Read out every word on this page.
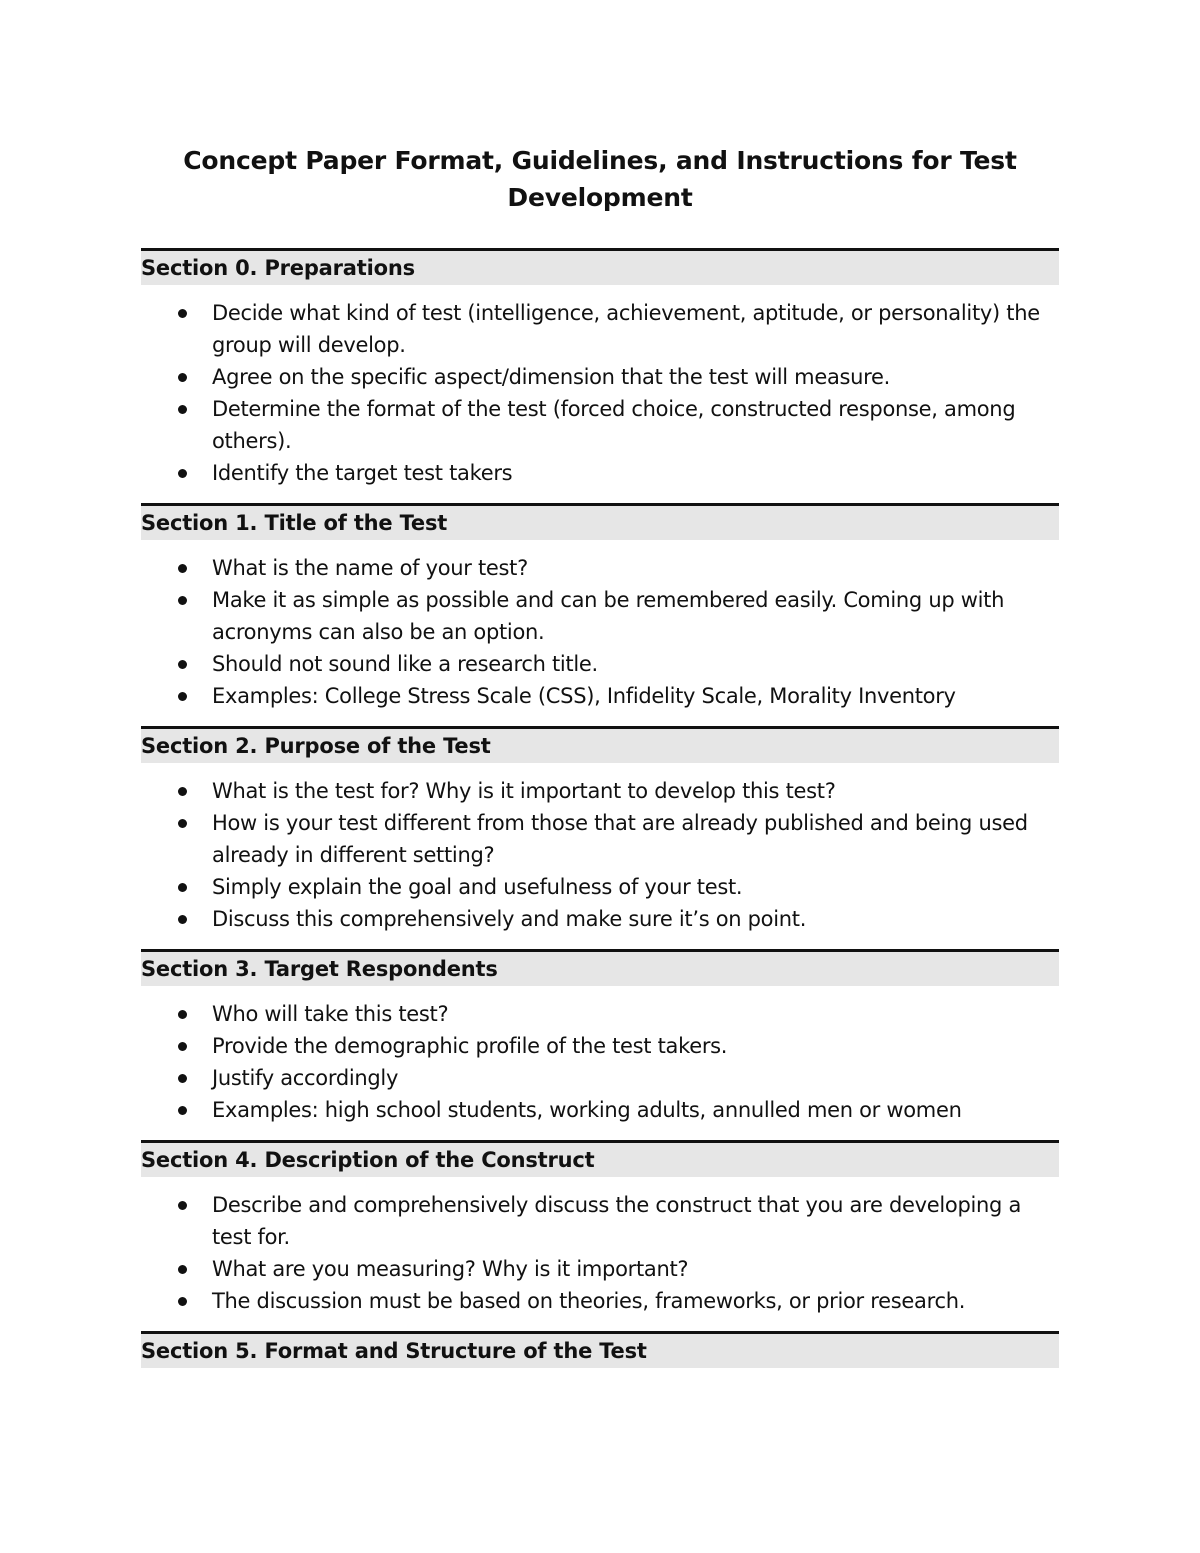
Concept Paper Format, Guidelines, and Instructions for Test Development
Section 0. Preparations
Decide what kind of test (intelligence, achievement, aptitude, or personality) the group will develop.
Agree on the specific aspect/dimension that the test will measure.
Determine the format of the test (forced choice, constructed response, among others).
Identify the target test takers
Section 1. Title of the Test
What is the name of your test?
Make it as simple as possible and can be remembered easily. Coming up with acronyms can also be an option.
Should not sound like a research title.
Examples: College Stress Scale (CSS), Infidelity Scale, Morality Inventory
Section 2. Purpose of the Test
What is the test for? Why is it important to develop this test?
How is your test different from those that are already published and being used already in different setting?
Simply explain the goal and usefulness of your test.
Discuss this comprehensively and make sure it’s on point.
Section 3. Target Respondents
Who will take this test?
Provide the demographic profile of the test takers.
Justify accordingly
Examples: high school students, working adults, annulled men or women
Section 4. Description of the Construct
Describe and comprehensively discuss the construct that you are developing a test for.
What are you measuring? Why is it important?
The discussion must be based on theories, frameworks, or prior research.
Section 5. Format and Structure of the Test
